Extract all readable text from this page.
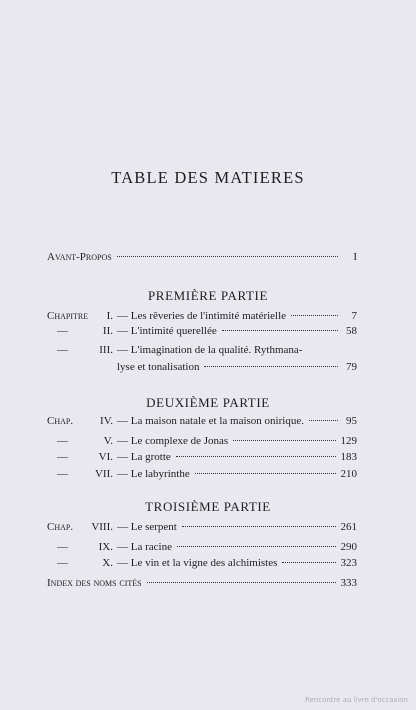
TABLE DES MATIERES
Avant-Propos	I
PREMIÈRE PARTIE
Chapitre I. — Les rêveries de l'intimité matérielle	7
—	II. — L'intimité querellée	58
—	III. — L'imagination de la qualité. Rythmana-
lyse et tonalisation	79
DEUXIÈME PARTIE
Chap. IV. — La maison natale et la maison onirique.	95
—	V. — Le complexe de Jonas	129
—	VI. — La grotte	183
— VII. — Le labyrinthe	210
TROISIÈME PARTIE
Chap. VIII. — Le serpent	261
—	IX. — La racine	290
—	X. — Le vin et la vigne des alchimistes	323
Index des noms cités	333
Rencontre au livre d'occasion
